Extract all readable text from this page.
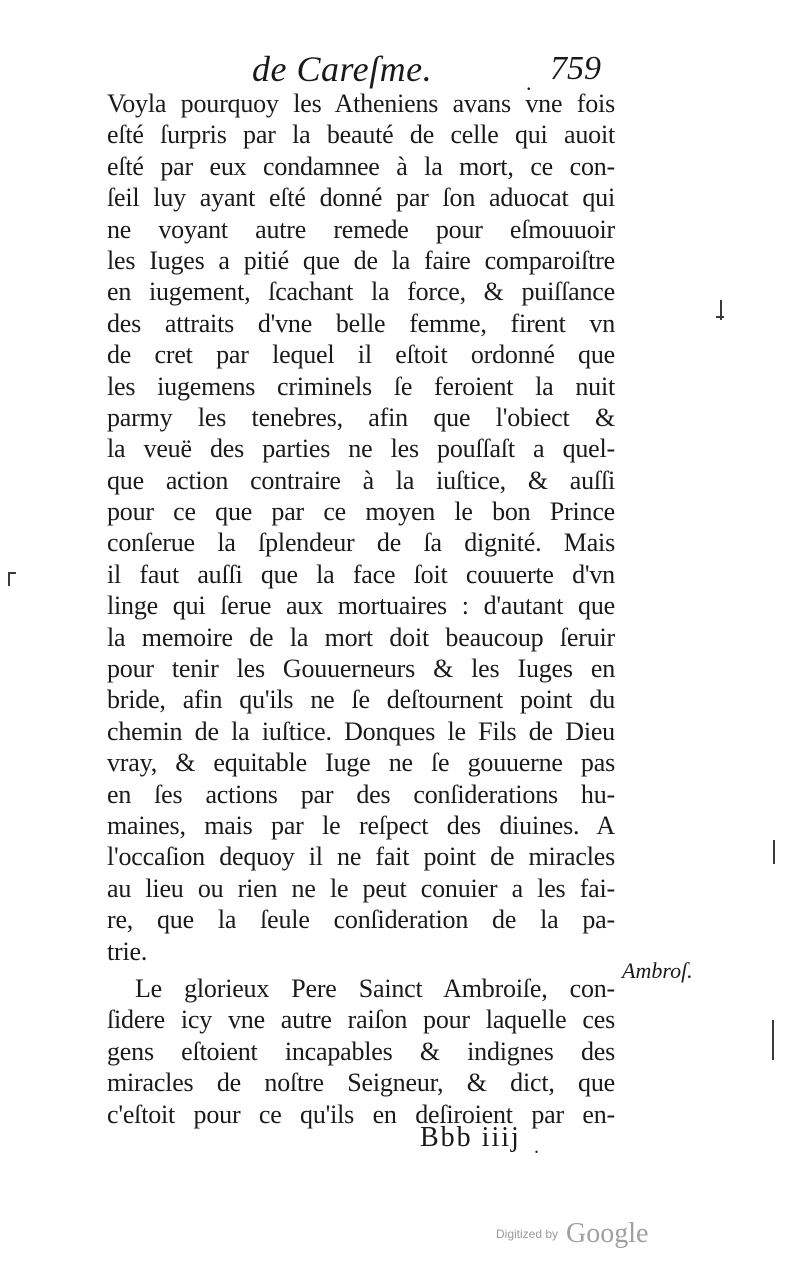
de Careſme.	. 759
Voyla pourquoy les Atheniens avans vne fois
eſté ſurpris par la beauté de celle qui auoit
eſté par eux condamnee à la mort, ce con-
ſeil luy ayant eſté donné par ſon aduocat qui
ne voyant autre remede pour eſmouuoir
les Iuges a pitié que de la faire comparoiſtre
en iugement, ſcachant la force, & puiſſance
des attraits d'vne belle femme, firent vn
de cret par lequel il eſtoit ordonné que
les iugemens criminels ſe feroient la nuit
parmy les tenebres, afin que l'obiect &
la veuë des parties ne les pouſſaſt a quel-
que action contraire à la iuſtice, & auſſi
pour ce que par ce moyen le bon Prince
conſerue la ſplendeur de ſa dignité. Mais
il faut auſſi que la face ſoit couuerte d'vn
linge qui ſerue aux mortuaires : d'autant que
la memoire de la mort doit beaucoup ſeruir
pour tenir les Gouuerneurs & les Iuges en
bride, afin qu'ils ne ſe deſtournent point du
chemin de la iuſtice. Donques le Fils de Dieu
vray, & equitable Iuge ne ſe gouuerne pas
en ſes actions par des conſiderations hu-
maines, mais par le reſpect des diuines. A
l'occaſion dequoy il ne fait point de miracles
au lieu ou rien ne le peut conuier a les fai-
re, que la ſeule conſideration de la pa-
trie.
Le glorieux Pere Sainct Ambroiſe, con-
ſidere icy vne autre raiſon pour laquelle ces
gens eſtoient incapables & indignes des
miracles de noſtre Seigneur, & dict, que
c'eſtoit pour ce qu'ils en deſiroient par en-
Ambroſ.
Bbb iiij .
Digitized by Google
